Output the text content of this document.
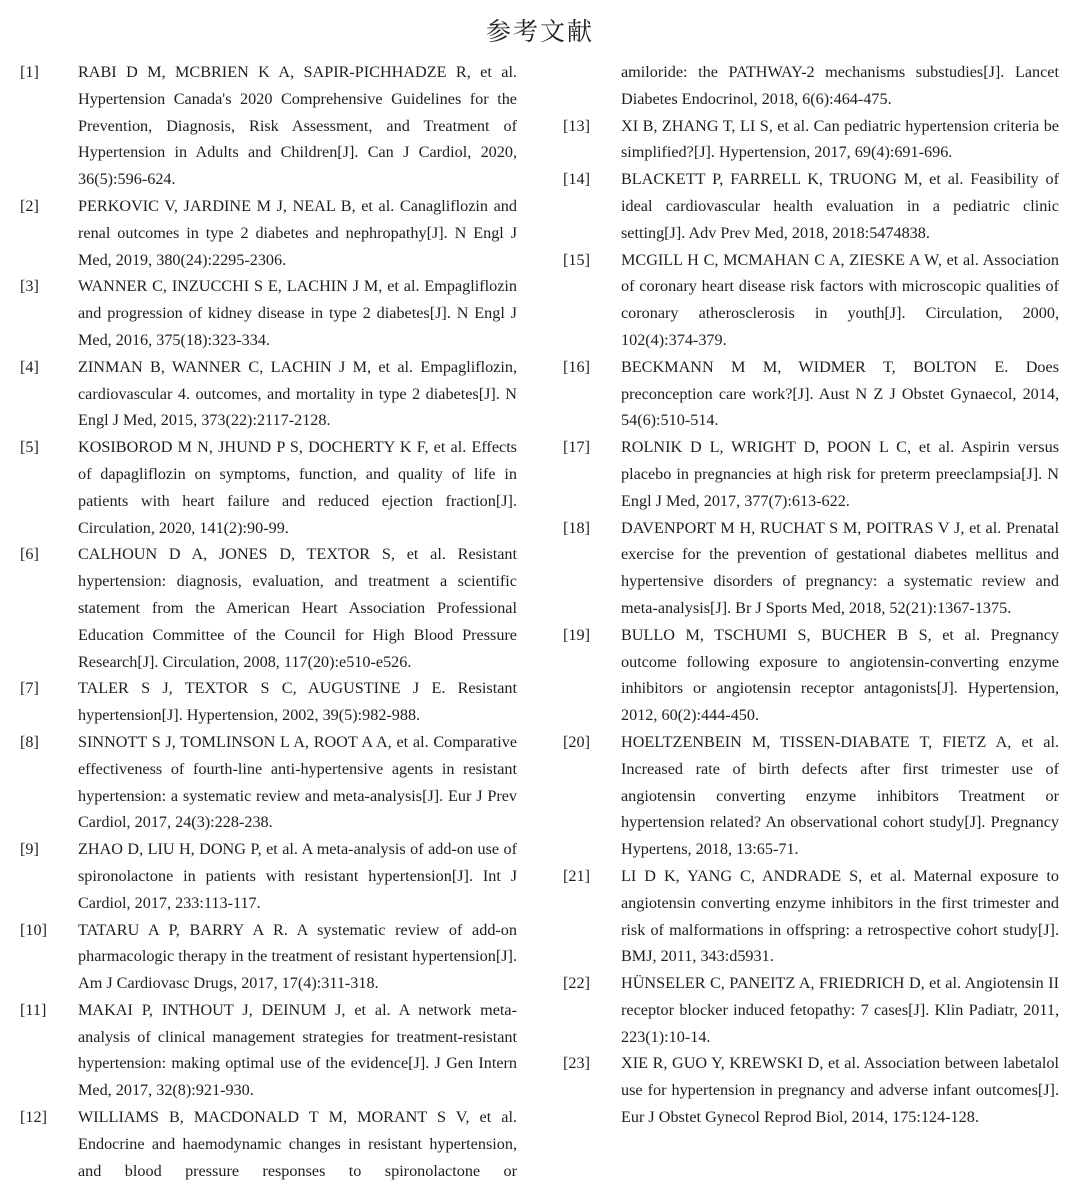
参考文献
[1] RABI D M, MCBRIEN K A, SAPIR-PICHHADZE R, et al. Hypertension Canada's 2020 Comprehensive Guidelines for the Prevention, Diagnosis, Risk Assessment, and Treatment of Hypertension in Adults and Children[J]. Can J Cardiol, 2020, 36(5):596-624.
[2] PERKOVIC V, JARDINE M J, NEAL B, et al. Canagliflozin and renal outcomes in type 2 diabetes and nephropathy[J]. N Engl J Med, 2019, 380(24):2295-2306.
[3] WANNER C, INZUCCHI S E, LACHIN J M, et al. Empagliflozin and progression of kidney disease in type 2 diabetes[J]. N Engl J Med, 2016, 375(18):323-334.
[4] ZINMAN B, WANNER C, LACHIN J M, et al. Empagliflozin, cardiovascular 4. outcomes, and mortality in type 2 diabetes[J]. N Engl J Med, 2015, 373(22):2117-2128.
[5] KOSIBOROD M N, JHUND P S, DOCHERTY K F, et al. Effects of dapagliflozin on symptoms, function, and quality of life in patients with heart failure and reduced ejection fraction[J]. Circulation, 2020, 141(2):90-99.
[6] CALHOUN D A, JONES D, TEXTOR S, et al. Resistant hypertension: diagnosis, evaluation, and treatment a scientific statement from the American Heart Association Professional Education Committee of the Council for High Blood Pressure Research[J]. Circulation, 2008, 117(20):e510-e526.
[7] TALER S J, TEXTOR S C, AUGUSTINE J E. Resistant hypertension[J]. Hypertension, 2002, 39(5):982-988.
[8] SINNOTT S J, TOMLINSON L A, ROOT A A, et al. Comparative effectiveness of fourth-line anti-hypertensive agents in resistant hypertension: a systematic review and meta-analysis[J]. Eur J Prev Cardiol, 2017, 24(3):228-238.
[9] ZHAO D, LIU H, DONG P, et al. A meta-analysis of add-on use of spironolactone in patients with resistant hypertension[J]. Int J Cardiol, 2017, 233:113-117.
[10] TATARU A P, BARRY A R. A systematic review of add-on pharmacologic therapy in the treatment of resistant hypertension[J]. Am J Cardiovasc Drugs, 2017, 17(4):311-318.
[11] MAKAI P, INTHOUT J, DEINUM J, et al. A network meta-analysis of clinical management strategies for treatment-resistant hypertension: making optimal use of the evidence[J]. J Gen Intern Med, 2017, 32(8):921-930.
[12] WILLIAMS B, MACDONALD T M, MORANT S V, et al. Endocrine and haemodynamic changes in resistant hypertension, and blood pressure responses to spironolactone or
amiloride: the PATHWAY-2 mechanisms substudies[J]. Lancet Diabetes Endocrinol, 2018, 6(6):464-475.
[13] XI B, ZHANG T, LI S, et al. Can pediatric hypertension criteria be simplified?[J]. Hypertension, 2017, 69(4):691-696.
[14] BLACKETT P, FARRELL K, TRUONG M, et al. Feasibility of ideal cardiovascular health evaluation in a pediatric clinic setting[J]. Adv Prev Med, 2018, 2018:5474838.
[15] MCGILL H C, MCMAHAN C A, ZIESKE A W, et al. Association of coronary heart disease risk factors with microscopic qualities of coronary atherosclerosis in youth[J]. Circulation, 2000, 102(4):374-379.
[16] BECKMANN M M, WIDMER T, BOLTON E. Does preconception care work?[J]. Aust N Z J Obstet Gynaecol, 2014, 54(6):510-514.
[17] ROLNIK D L, WRIGHT D, POON L C, et al. Aspirin versus placebo in pregnancies at high risk for preterm preeclampsia[J]. N Engl J Med, 2017, 377(7):613-622.
[18] DAVENPORT M H, RUCHAT S M, POITRAS V J, et al. Prenatal exercise for the prevention of gestational diabetes mellitus and hypertensive disorders of pregnancy: a systematic review and meta-analysis[J]. Br J Sports Med, 2018, 52(21):1367-1375.
[19] BULLO M, TSCHUMI S, BUCHER B S, et al. Pregnancy outcome following exposure to angiotensin-converting enzyme inhibitors or angiotensin receptor antagonists[J]. Hypertension, 2012, 60(2):444-450.
[20] HOELTZENBEIN M, TISSEN-DIABATE T, FIETZ A, et al. Increased rate of birth defects after first trimester use of angiotensin converting enzyme inhibitors Treatment or hypertension related? An observational cohort study[J]. Pregnancy Hypertens, 2018, 13:65-71.
[21] LI D K, YANG C, ANDRADE S, et al. Maternal exposure to angiotensin converting enzyme inhibitors in the first trimester and risk of malformations in offspring: a retrospective cohort study[J]. BMJ, 2011, 343:d5931.
[22] HÜNSELER C, PANEITZ A, FRIEDRICH D, et al. Angiotensin II receptor blocker induced fetopathy: 7 cases[J]. Klin Padiatr, 2011, 223(1):10-14.
[23] XIE R, GUO Y, KREWSKI D, et al. Association between labetalol use for hypertension in pregnancy and adverse infant outcomes[J]. Eur J Obstet Gynecol Reprod Biol, 2014, 175:124-128.
